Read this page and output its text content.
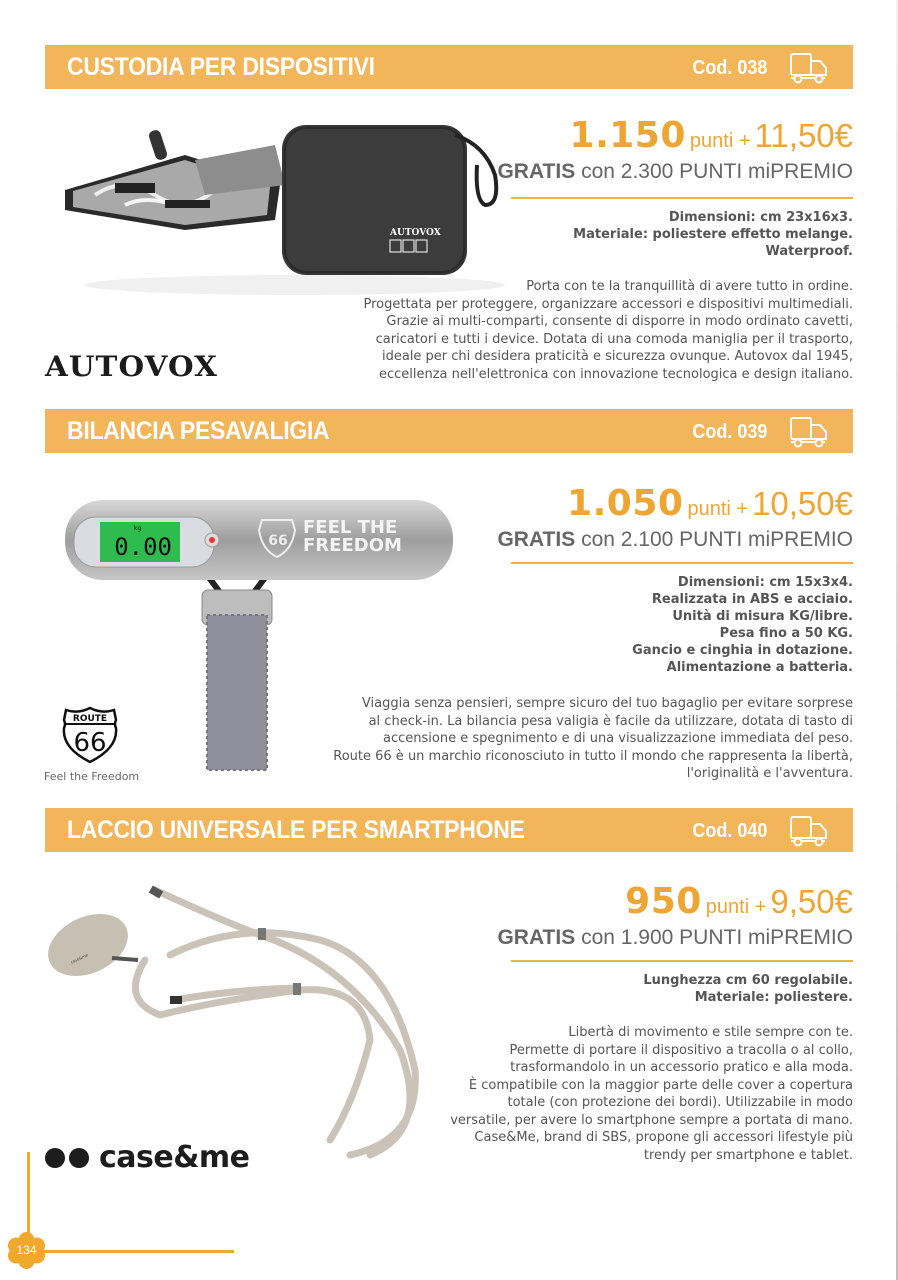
CUSTODIA PER DISPOSITIVI	Cod. 038
AUTOVOX
1.150 punti + 11,50€
GRATIS con 2.300 PUNTI miPREMIO
Dimensioni: cm 23x16x3.
Materiale: poliestere effetto melange.
Waterproof.
Porta con te la tranquillità di avere tutto in ordine.
Progettata per proteggere, organizzare accessori e dispositivi multimediali.
Grazie ai multi-comparti, consente di disporre in modo ordinato cavetti,
caricatori e tutti i device. Dotata di una comoda maniglia per il trasporto,
ideale per chi desidera praticità e sicurezza ovunque. Autovox dal 1945,
eccellenza nell'elettronica con innovazione tecnologica e design italiano.
AUTOVOX
BILANCIA PESAVALIGIA	Cod. 039
0.00
kg
66
FEEL THE
FREEDOM
1.050 punti + 10,50€
GRATIS con 2.100 PUNTI miPREMIO
Dimensioni: cm 15x3x4.
Realizzata in ABS e acciaio.
Unità di misura KG/libre.
Pesa fino a 50 KG.
Gancio e cinghia in dotazione.
Alimentazione a batteria.
Viaggia senza pensieri, sempre sicuro del tuo bagaglio per evitare sorprese
al check-in. La bilancia pesa valigia è facile da utilizzare, dotata di tasto di
accensione e spegnimento e di una visualizzazione immediata del peso.
Route 66 è un marchio riconosciuto in tutto il mondo che rappresenta la libertà,
l'originalità e l'avventura.
ROUTE
66
Feel the Freedom
LACCIO UNIVERSALE PER SMARTPHONE	Cod. 040
case&me
950 punti + 9,50€
GRATIS con 1.900 PUNTI miPREMIO
Lunghezza cm 60 regolabile.
Materiale: poliestere.
Libertà di movimento e stile sempre con te.
Permette di portare il dispositivo a tracolla o al collo,
trasformandolo in un accessorio pratico e alla moda.
È compatibile con la maggior parte delle cover a copertura
totale (con protezione dei bordi). Utilizzabile in modo
versatile, per avere lo smartphone sempre a portata di mano.
Case&Me, brand di SBS, propone gli accessori lifestyle più
trendy per smartphone e tablet.
case&me
134
